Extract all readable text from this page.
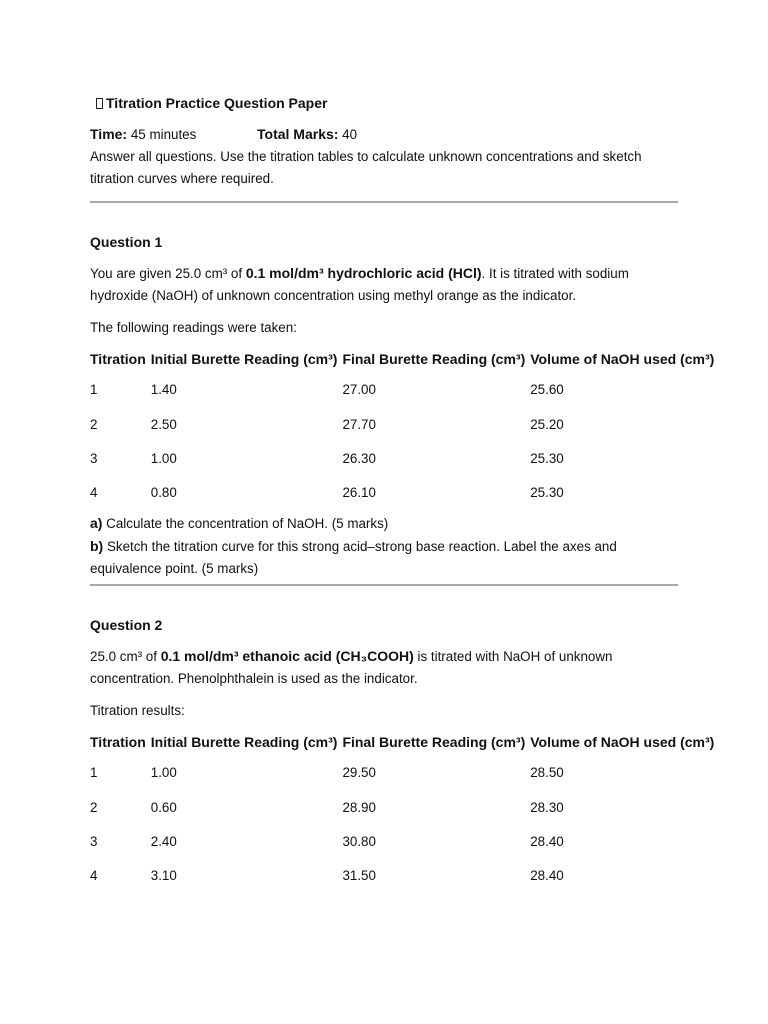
Titration Practice Question Paper
Time: 45 minutes	Total Marks: 40

Answer all questions. Use the titration tables to calculate unknown concentrations and sketch titration curves where required.

Question 1

You are given 25.0 cm³ of 0.1 mol/dm³ hydrochloric acid (HCl). It is titrated with sodium hydroxide (NaOH) of unknown concentration using methyl orange as the indicator.

The following readings were taken:

Titration	Initial Burette Reading (cm³)	Final Burette Reading (cm³)	Volume of NaOH used (cm³)
1	1.40	27.00	25.60
2	2.50	27.70	25.20
3	1.00	26.30	25.30
4	0.80	26.10	25.30

a) Calculate the concentration of NaOH. (5 marks)
b) Sketch the titration curve for this strong acid–strong base reaction. Label the axes and equivalence point. (5 marks)

Question 2

25.0 cm³ of 0.1 mol/dm³ ethanoic acid (CH₃COOH) is titrated with NaOH of unknown concentration. Phenolphthalein is used as the indicator.

Titration results:

Titration	Initial Burette Reading (cm³)	Final Burette Reading (cm³)	Volume of NaOH used (cm³)
1	1.00	29.50	28.50
2	0.60	28.90	28.30
3	2.40	30.80	28.40
4	3.10	31.50	28.40
